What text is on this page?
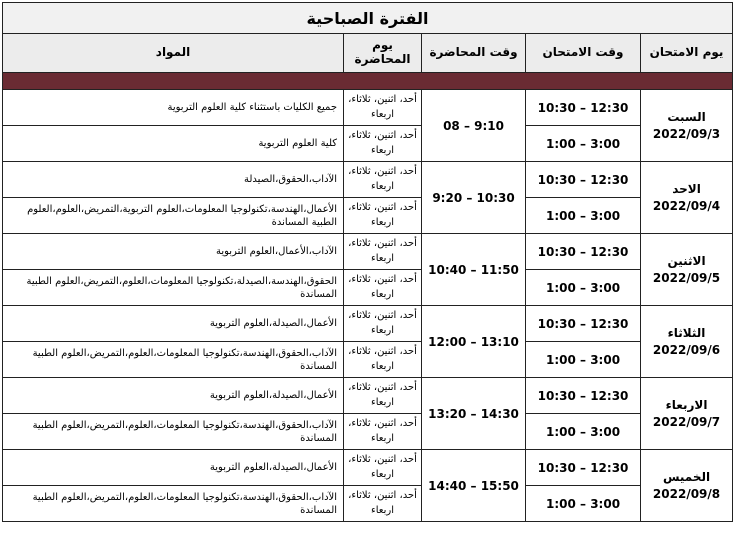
الفترة الصباحية				
يوم الامتحان	وقت الامتحان	وقت المحاضرة	يوم المحاضرة	المواد

السبت
2022/09/3	10:30 – 12:30	08 – 9:10	أحد، اثنين، ثلاثاء، اربعاء	جميع الكليات باستثناء كلية العلوم التربوية
	1:00 – 3:00		أحد، اثنين، ثلاثاء، اربعاء	كلية العلوم التربوية

الاحد
2022/09/4	10:30 – 12:30	9:20 – 10:30	أحد، اثنين، ثلاثاء، اربعاء	الآداب،الحقوق،الصيدلة
	1:00 – 3:00		أحد، اثنين، ثلاثاء، اربعاء	الأعمال،الهندسة،تكنولوجيا المعلومات،العلوم التربوية،التمريض،العلوم،العلوم الطبية المساندة

الاثنين
2022/09/5	10:30 – 12:30	10:40 – 11:50	أحد، اثنين، ثلاثاء، اربعاء	الآداب،الأعمال،العلوم التربوية
	1:00 – 3:00		أحد، اثنين، ثلاثاء، اربعاء	الحقوق،الهندسة،الصيدلة،تكنولوجيا المعلومات،العلوم،التمريض،العلوم الطبية المساندة

الثلاثاء
2022/09/6	10:30 – 12:30	12:00 – 13:10	أحد، اثنين، ثلاثاء، اربعاء	الأعمال،الصيدلة،العلوم التربوية
	1:00 – 3:00		أحد، اثنين، ثلاثاء، اربعاء	الآداب،الحقوق،الهندسة،تكنولوجيا المعلومات،العلوم،التمريض،العلوم الطبية المساندة

الاربعاء
2022/09/7	10:30 – 12:30	13:20 – 14:30	أحد، اثنين، ثلاثاء، اربعاء	الأعمال،الصيدلة،العلوم التربوية
	1:00 – 3:00		أحد، اثنين، ثلاثاء، اربعاء	الآداب،الحقوق،الهندسة،تكنولوجيا المعلومات،العلوم،التمريض،العلوم الطبية المساندة

الخميس
2022/09/8	10:30 – 12:30	14:40 – 15:50	أحد، اثنين، ثلاثاء، اربعاء	الأعمال،الصيدلة،العلوم التربوية
	1:00 – 3:00		أحد، اثنين، ثلاثاء، اربعاء	الآداب،الحقوق،الهندسة،تكنولوجيا المعلومات،العلوم،التمريض،العلوم الطبية المساندة
